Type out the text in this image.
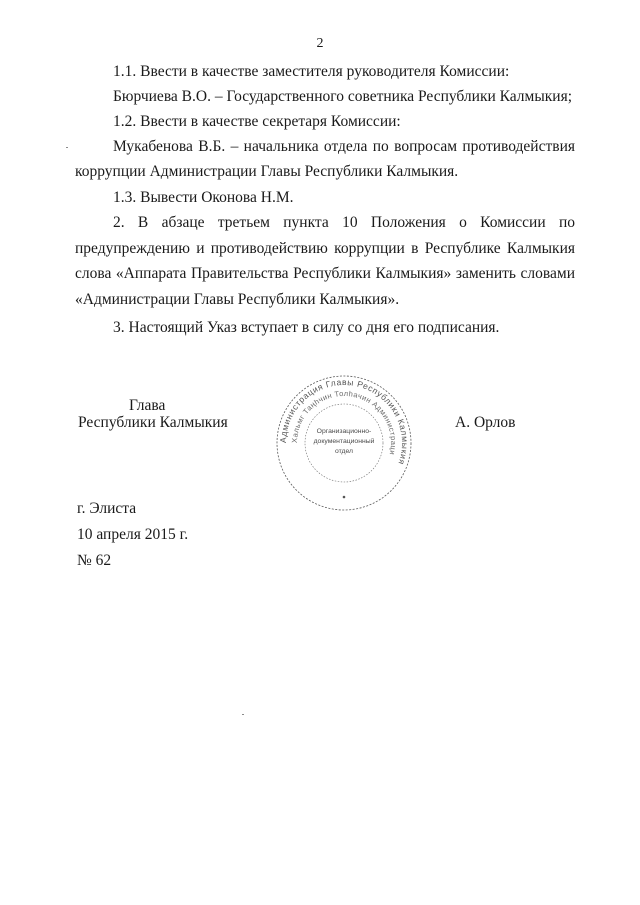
2
1.1. Ввести в качестве заместителя руководителя Комиссии:
Бюрчиева В.О. – Государственного советника Республики Калмыкия;
1.2. Ввести в качестве секретаря Комиссии:
Мукабенова В.Б. – начальника отдела по вопросам противодействия
коррупции Администрации Главы Республики Калмыкия.
1.3. Вывести Оконова Н.М.
2. В абзаце третьем пункта 10 Положения о Комиссии по
предупреждению и противодействию коррупции в Республике Калмыкия
слова «Аппарата Правительства Республики Калмыкия» заменить словами
«Администрации Главы Республики Калмыкия».
3. Настоящий Указ вступает в силу со дня его подписания.
Глава
Республики Калмыкия
Администрация Главы Республики Калмыкия
Хальмг Таңһчин Толһачин Администраци
Организационно-
документационный
отдел
А. Орлов
г. Элиста
10 апреля 2015 г.
№ 62
